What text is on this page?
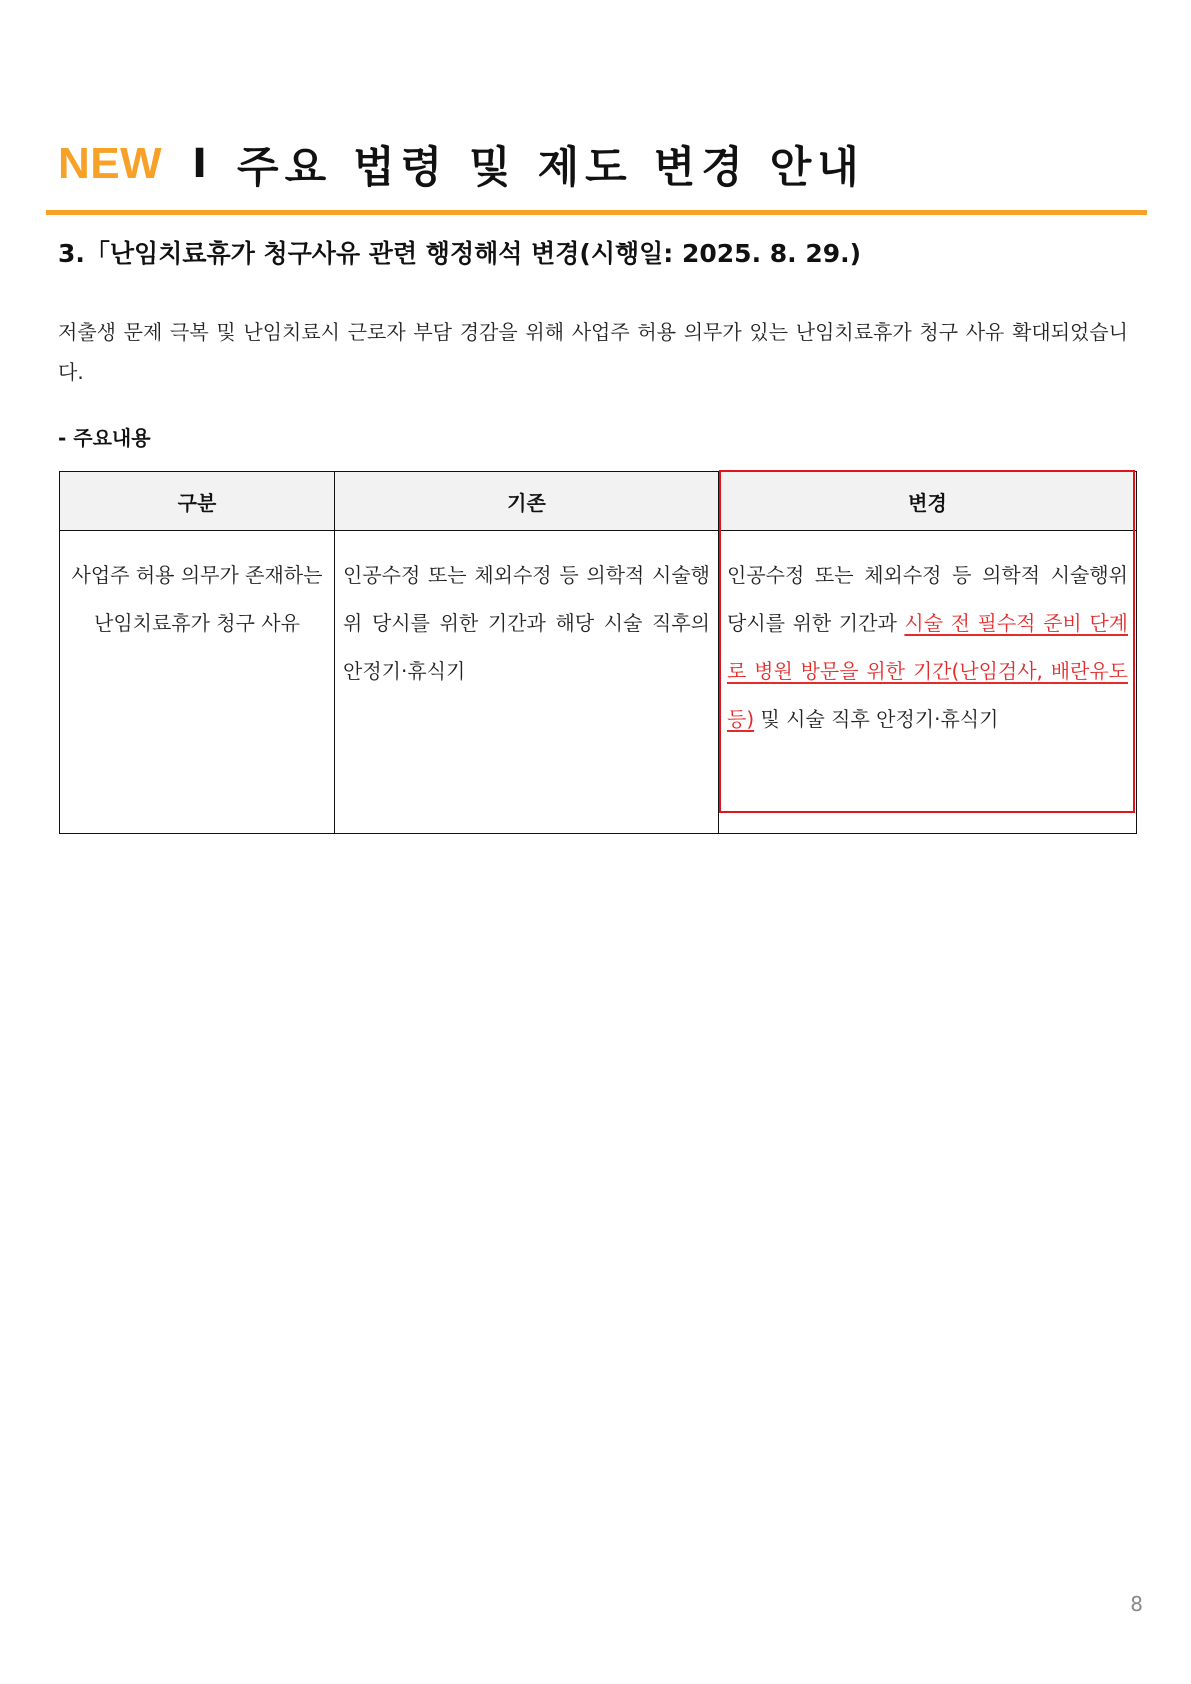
NEW I 주요 법령 및 제도 변경 안내
3.「난임치료휴가 청구사유 관련 행정해석 변경(시행일: 2025. 8. 29.)
저출생 문제 극복 및 난임치료시 근로자 부담 경감을 위해 사업주 허용 의무가 있는 난임치료휴가 청구 사유 확대되었습니다.
- 주요내용
구분	기존	변경
사업주 허용 의무가 존재하는 난임치료휴가 청구 사유	인공수정 또는 체외수정 등 의학적 시술행위 당시를 위한 기간과 해당 시술 직후의 안정기·휴식기	인공수정 또는 체외수정 등 의학적 시술행위 당시를 위한 기간과 시술 전 필수적 준비 단계로 병원 방문을 위한 기간(난임검사, 배란유도 등) 및 시술 직후 안정기·휴식기
8
